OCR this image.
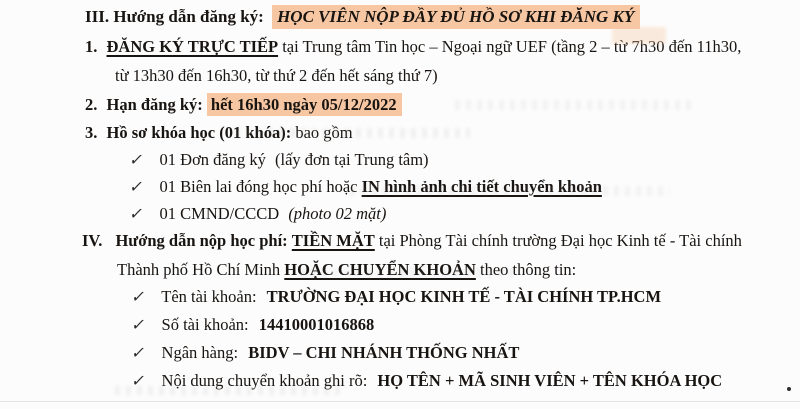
III. Hướng dẫn đăng ký: HỌC VIÊN NỘP ĐẦY ĐỦ HỒ SƠ KHI ĐĂNG KÝ
1. ĐĂNG KÝ TRỰC TIẾP tại Trung tâm Tin học – Ngoại ngữ UEF (tầng 2 – từ 7h30 đến 11h30,
từ 13h30 đến 16h30, từ thứ 2 đến hết sáng thứ 7)
2. Hạn đăng ký: hết 16h30 ngày 05/12/2022
3. Hồ sơ khóa học (01 khóa): bao gồm
✓ 01 Đơn đăng ký (lấy đơn tại Trung tâm)
✓ 01 Biên lai đóng học phí hoặc IN hình ảnh chi tiết chuyển khoản
✓ 01 CMND/CCCD (photo 02 mặt)
IV. Hướng dẫn nộp học phí: TIỀN MẶT tại Phòng Tài chính trường Đại học Kinh tế - Tài chính
Thành phố Hồ Chí Minh HOẶC CHUYỂN KHOẢN theo thông tin:
✓ Tên tài khoản: TRƯỜNG ĐẠI HỌC KINH TẾ - TÀI CHÍNH TP.HCM
✓ Số tài khoản: 14410001016868
✓ Ngân hàng: BIDV – CHI NHÁNH THỐNG NHẤT
✓ Nội dung chuyển khoản ghi rõ: HỌ TÊN + MÃ SINH VIÊN + TÊN KHÓA HỌC
